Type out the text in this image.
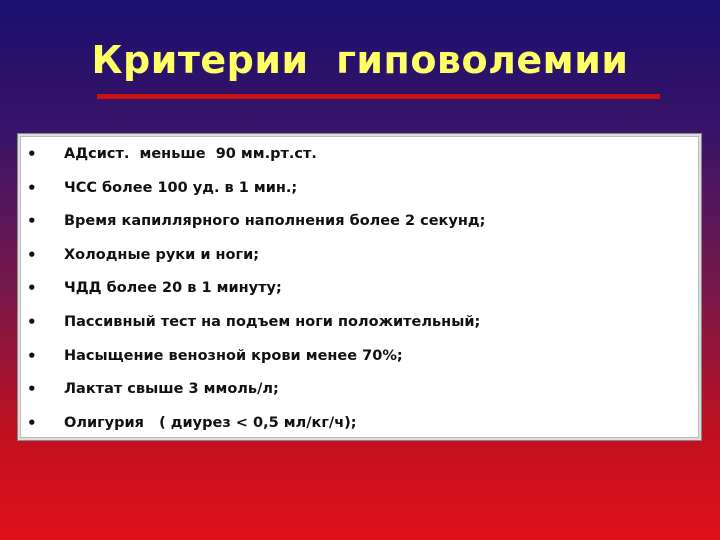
Критерии  гиповолемии
• АДсист.  меньше  90 мм.рт.ст.
• ЧСС более 100 уд. в 1 мин.;
• Время капиллярного наполнения более 2 секунд;
• Холодные руки и ноги;
• ЧДД более 20 в 1 минуту;
• Пассивный тест на подъем ноги положительный;
• Насыщение венозной крови менее 70%;
• Лактат свыше 3 ммоль/л;
• Олигурия   ( диурез < 0,5 мл/кг/ч);
